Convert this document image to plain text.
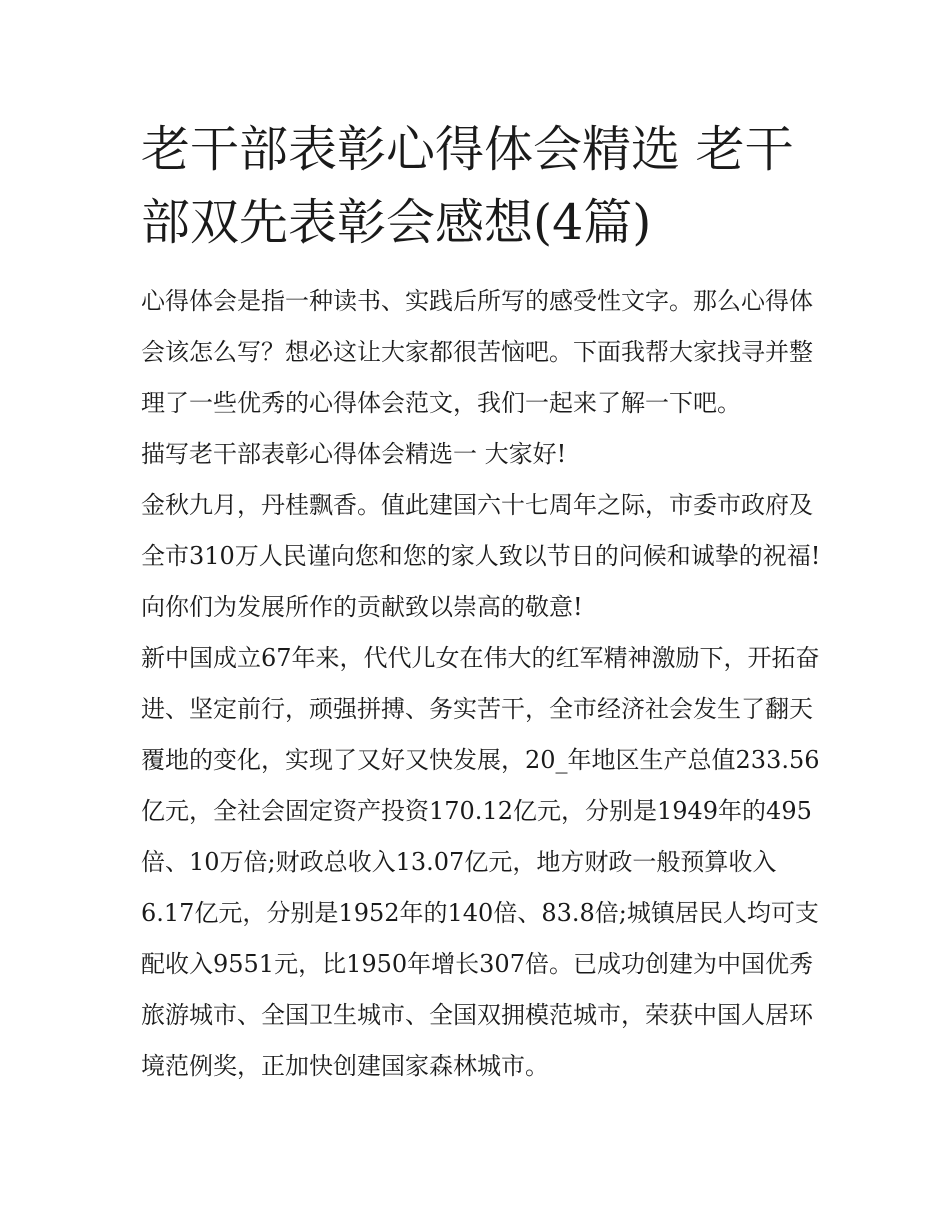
老干部表彰心得体会精选 老干部双先表彰会感想(4篇)

心得体会是指一种读书、实践后所写的感受性文字。那么心得体会该怎么写？想必这让大家都很苦恼吧。下面我帮大家找寻并整理了一些优秀的心得体会范文，我们一起来了解一下吧。

描写老干部表彰心得体会精选一 大家好!

金秋九月，丹桂飘香。值此建国六十七周年之际，市委市政府及全市310万人民谨向您和您的家人致以节日的问候和诚挚的祝福!向你们为发展所作的贡献致以崇高的敬意!

新中国成立67年来，代代儿女在伟大的红军精神激励下，开拓奋进、坚定前行，顽强拼搏、务实苦干，全市经济社会发生了翻天覆地的变化，实现了又好又快发展，20_年地区生产总值233.56亿元，全社会固定资产投资170.12亿元，分别是1949年的495倍、10万倍;财政总收入13.07亿元，地方财政一般预算收入6.17亿元，分别是1952年的140倍、83.8倍;城镇居民人均可支配收入9551元，比1950年增长307倍。已成功创建为中国优秀旅游城市、全国卫生城市、全国双拥模范城市，荣获中国人居环境范例奖，正加快创建国家森林城市。
